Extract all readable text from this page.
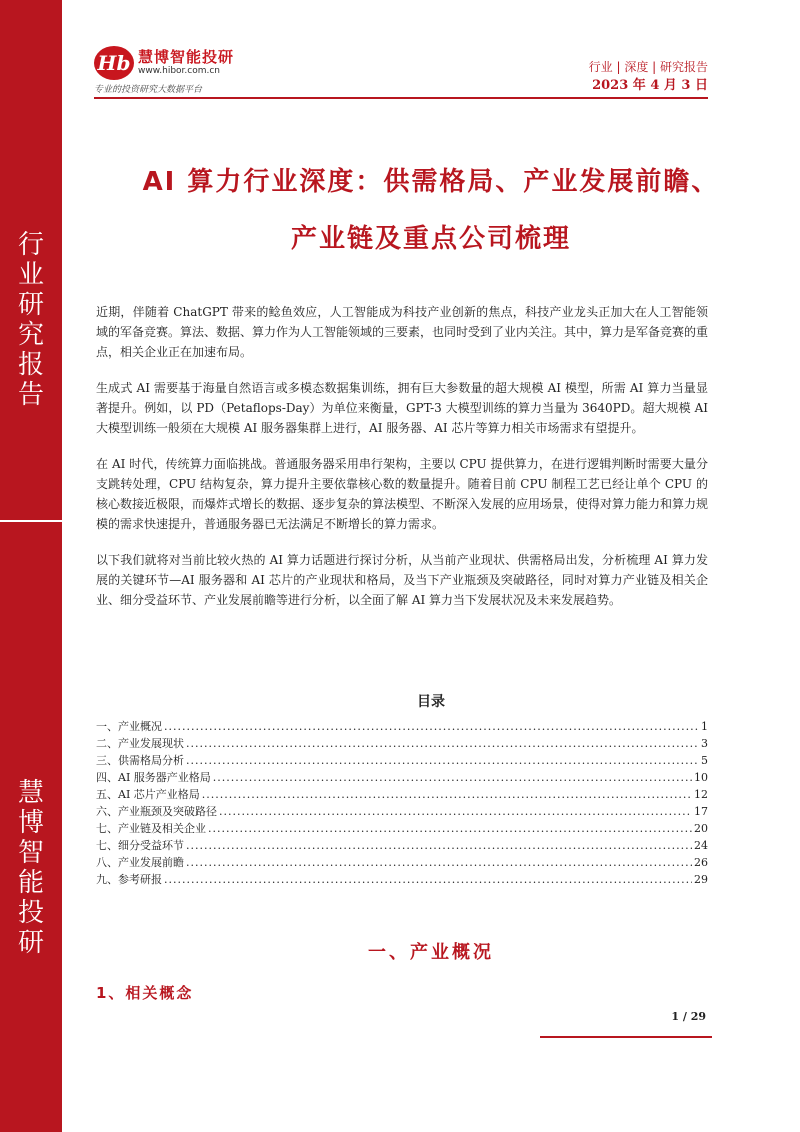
行
业
研
究
报
告
慧
博
智
能
投
研
Hb 慧博智能投研
www.hibor.com.cn
专业的投资研究大数据平台
行业 | 深度 | 研究报告
2023 年 4 月 3 日
AI 算力行业深度：供需格局、产业发展前瞻、
产业链及重点公司梳理

近期，伴随着 ChatGPT 带来的鲶鱼效应，人工智能成为科技产业创新的焦点，科技产业龙头正加大在人工智能领域的军备竞赛。算法、数据、算力作为人工智能领域的三要素，也同时受到了业内关注。其中，算力是军备竞赛的重点，相关企业正在加速布局。

生成式 AI 需要基于海量自然语言或多模态数据集训练，拥有巨大参数量的超大规模 AI 模型，所需 AI 算力当量显著提升。例如，以 PD（Petaflops-Day）为单位来衡量，GPT-3 大模型训练的算力当量为 3640PD。超大规模 AI 大模型训练一般须在大规模 AI 服务器集群上进行，AI 服务器、AI 芯片等算力相关市场需求有望提升。

在 AI 时代，传统算力面临挑战。普通服务器采用串行架构，主要以 CPU 提供算力，在进行逻辑判断时需要大量分支跳转处理，CPU 结构复杂，算力提升主要依靠核心数的数量提升。随着目前 CPU 制程工艺已经让单个 CPU 的核心数接近极限，而爆炸式增长的数据、逐步复杂的算法模型、不断深入发展的应用场景，使得对算力能力和算力规模的需求快速提升，普通服务器已无法满足不断增长的算力需求。

以下我们就将对当前比较火热的 AI 算力话题进行探讨分析，从当前产业现状、供需格局出发，分析梳理 AI 算力发展的关键环节—AI 服务器和 AI 芯片的产业现状和格局，及当下产业瓶颈及突破路径，同时对算力产业链及相关企业、细分受益环节、产业发展前瞻等进行分析，以全面了解 AI 算力当下发展状况及未来发展趋势。

目录
一、产业概况 .....	1
二、产业发展现状 .....	3
三、供需格局分析 .....	5
四、AI 服务器产业格局 .....	10
五、AI 芯片产业格局 .....	12
六、产业瓶颈及突破路径 .....	17
七、产业链及相关企业 .....	20
七、细分受益环节 .....	24
八、产业发展前瞻 .....	26
九、参考研报 .....	29
一、产业概况
1、相关概念
1 / 29
